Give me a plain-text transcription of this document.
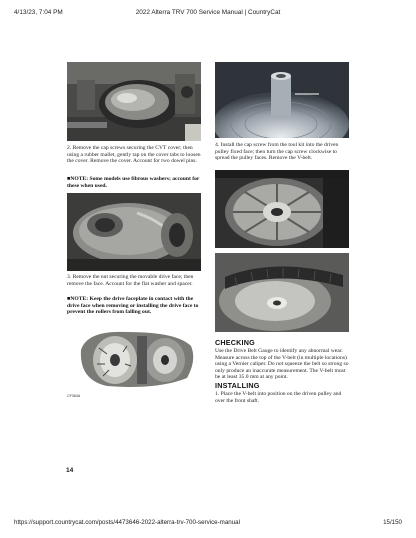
4/13/23, 7:04 PM	2022 Alterra TRV 700 Service Manual | CountryCat

2. Remove the cap screws securing the CVT cover; then using a rubber mallet, gently tap on the cover tabs to loosen the cover. Remove the cover. Account for two dowel pins.

■NOTE: Some models use fibrous washers; account for these when used.

3. Remove the nut securing the movable drive face; then remove the face. Account for the flat washer and spacer.

■NOTE: Keep the drive faceplate in contact with the drive face when removing or installing the drive face to prevent the rollers from falling out.

CF364A

4. Install the cap screw from the tool kit into the driven pulley fixed face; then turn the cap screw clockwise to spread the pulley faces. Remove the V-belt.

CHECKING

Use the Drive Belt Gauge to identify any abnormal wear. Measure across the top of the V-belt (in multiple locations) using a Vernier caliper. Do not squeeze the belt so strong so only produce an inaccurate measurement. The V-belt must be at least 35.0 mm at any point.

INSTALLING

1. Place the V-belt into position on the driven pulley and over the front shaft.

14
https://support.countrycat.com/posts/4473646-2022-alterra-trv-700-service-manual	15/150
